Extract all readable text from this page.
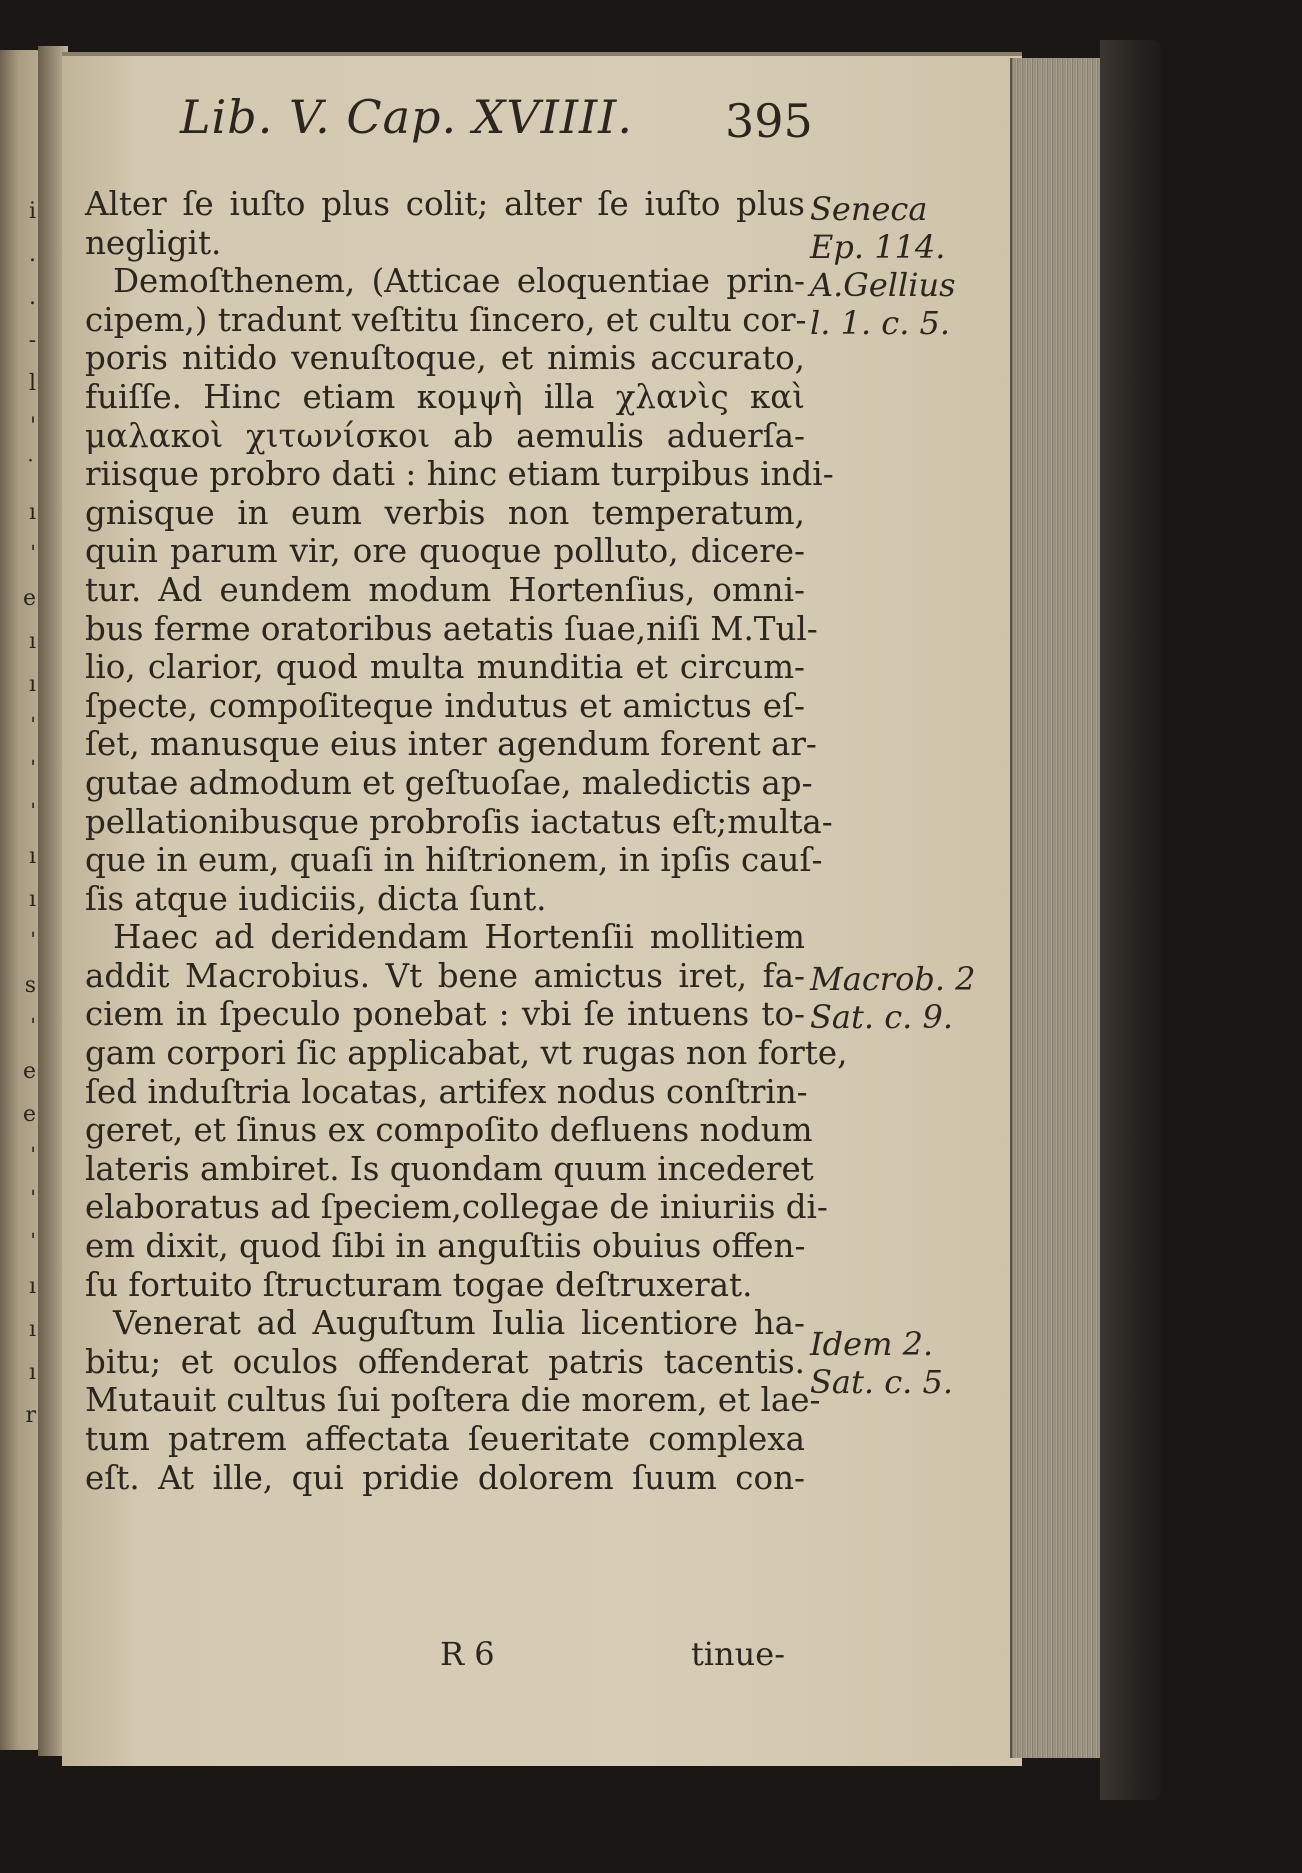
i
.
.
-
l
'
˙
ı
ˈ
e
ı
ı
ˈ
ˈ
ˈ
ı
ı
ˈ
s
ˈ
e
e
ˈ
ˈ
ˈ
ı
ı
ı
r
Lib. V. Cap. XVIIII. 395
Alter ſe iuſto plus colit; alter ſe iuſto plus
negligit.
Demoſthenem, (Atticae eloquentiae prin-
cipem,) tradunt veſtitu ſincero, et cultu cor-
poris nitido venuſtoque, et nimis accurato,
fuiſſe. Hinc etiam κομψὴ illa χλανὶς καὶ
μαλακοὶ χιτωνίσκοι ab aemulis aduerſa-
riisque probro dati : hinc etiam turpibus indi-
gnisque in eum verbis non temperatum,
quin parum vir, ore quoque polluto, dicere-
tur. Ad eundem modum Hortenſius, omni-
bus ferme oratoribus aetatis ſuae,niſi M.Tul-
lio, clarior, quod multa munditia et circum-
ſpecte, compoſiteque indutus et amictus eſ-
ſet, manusque eius inter agendum forent ar-
gutae admodum et geſtuoſae, maledictis ap-
pellationibusque probroſis iactatus eſt;multa-
que in eum, quaſi in hiſtrionem, in ipſis cauſ-
ſis atque iudiciis, dicta ſunt.
Haec ad deridendam Hortenſii mollitiem
addit Macrobius. Vt bene amictus iret, fa-
ciem in ſpeculo ponebat : vbi ſe intuens to-
gam corpori ſic applicabat, vt rugas non forte,
ſed induſtria locatas, artifex nodus conſtrin-
geret, et ſinus ex compoſito defluens nodum
lateris ambiret. Is quondam quum incederet
elaboratus ad ſpeciem,collegae de iniuriis di-
em dixit, quod ſibi in anguſtiis obuius offen-
ſu fortuito ſtructuram togae deſtruxerat.
Venerat ad Auguſtum Iulia licentiore ha-
bitu; et oculos offenderat patris tacentis.
Mutauit cultus ſui poſtera die morem, et lae-
tum patrem affectata ſeueritate complexa
eſt. At ille, qui pridie dolorem ſuum con-
Seneca
Ep. 114.
A.Gellius
l. 1. c. 5.
Macrob. 2
Sat. c. 9.
Idem 2.
Sat. c. 5.
R 6	tinue-
